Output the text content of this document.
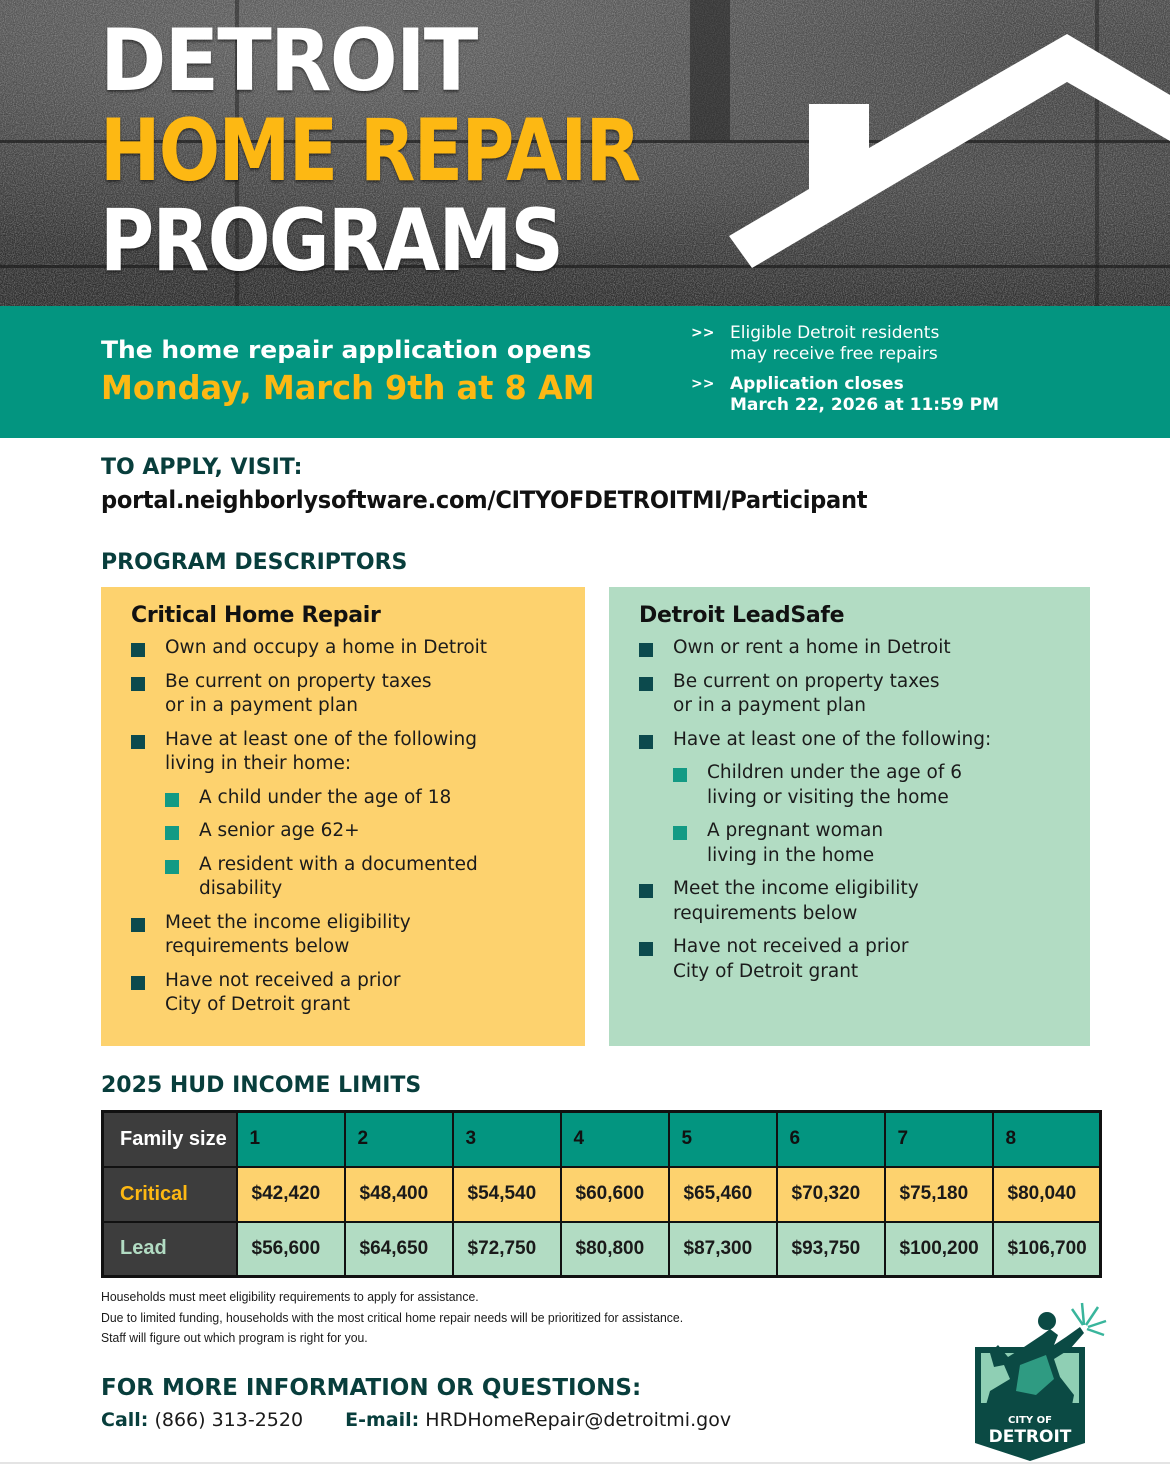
DETROIT
HOME REPAIR
PROGRAMS
The home repair application opens
Monday, March 9th at 8 AM
>> Eligible Detroit residents
may receive free repairs
>> Application closes
March 22, 2026 at 11:59 PM
TO APPLY, VISIT:
portal.neighborlysoftware.com/CITYOFDETROITMI/Participant
PROGRAM DESCRIPTORS
Critical Home Repair
Own and occupy a home in Detroit
Be current on property taxes
or in a payment plan
Have at least one of the following
living in their home:
A child under the age of 18
A senior age 62+
A resident with a documented
disability
Meet the income eligibility
requirements below
Have not received a prior
City of Detroit grant
Detroit LeadSafe
Own or rent a home in Detroit
Be current on property taxes
or in a payment plan
Have at least one of the following:
Children under the age of 6
living or visiting the home
A pregnant woman
living in the home
Meet the income eligibility
requirements below
Have not received a prior
City of Detroit grant
2025 HUD INCOME LIMITS
Family size	1	2	3	4	5	6	7	8
Critical	$42,420	$48,400	$54,540	$60,600	$65,460	$70,320	$75,180	$80,040
Lead	$56,600	$64,650	$72,750	$80,800	$87,300	$93,750	$100,200	$106,700
Households must meet eligibility requirements to apply for assistance.
Due to limited funding, households with the most critical home repair needs will be prioritized for assistance.
Staff will figure out which program is right for you.
FOR MORE INFORMATION OR QUESTIONS:
Call: (866) 313-2520 E-mail: HRDHomeRepair@detroitmi.gov	CITY OF
DETROIT
